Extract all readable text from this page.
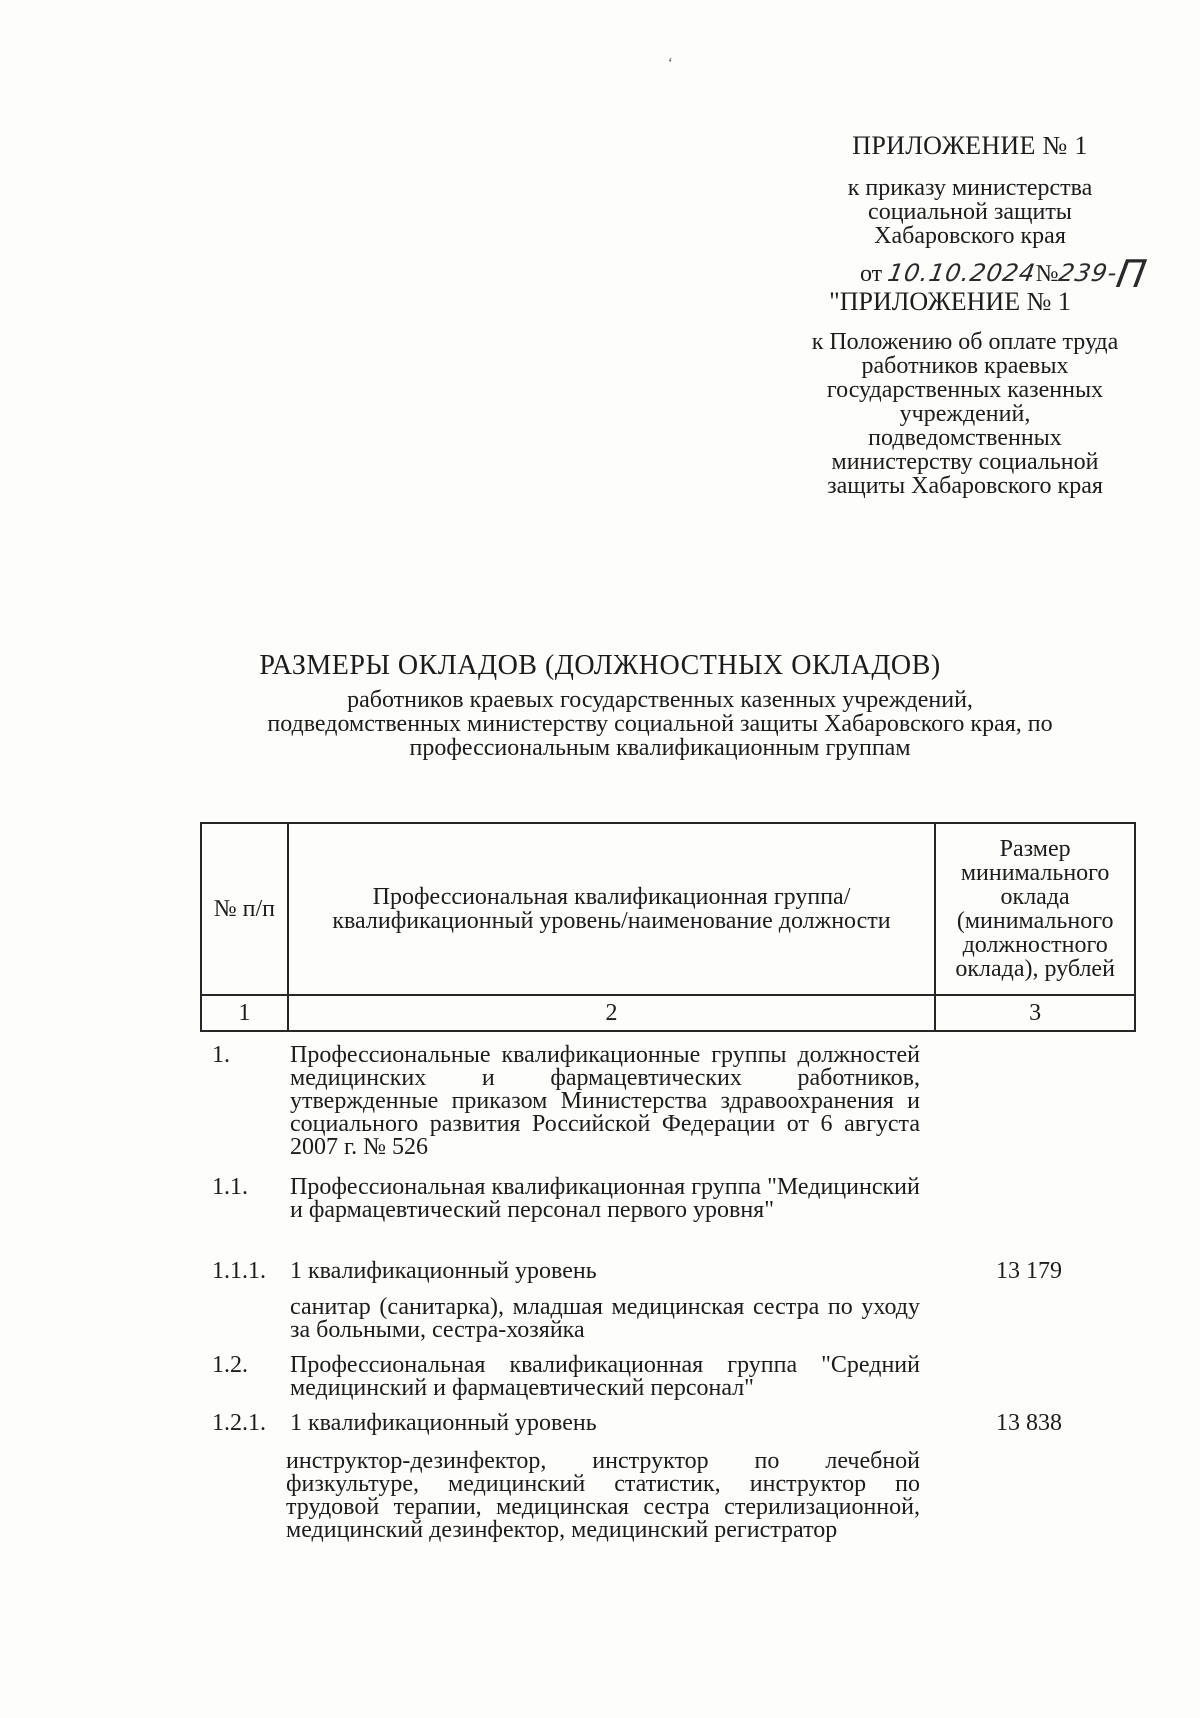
‘
ПРИЛОЖЕНИЕ № 1
к приказу министерства
социальной защиты
Хабаровского края
от 10.10.2024№239-П
"ПРИЛОЖЕНИЕ № 1
к Положению об оплате труда
работников краевых
государственных казенных
учреждений,
подведомственных
министерству социальной
защиты Хабаровского края
РАЗМЕРЫ ОКЛАДОВ (ДОЛЖНОСТНЫХ ОКЛАДОВ)
работников краевых государственных казенных учреждений,
подведомственных министерству социальной защиты Хабаровского края, по
профессиональным квалификационным группам
№ п/п	Профессиональная квалификационная группа/ квалификационный уровень/наименование должности	Размер минимального оклада (минимального должностного оклада), рублей
1	2	3
1.	Профессиональные квалификационные группы должностей медицинских и фармацевтических работников, утвержденные приказом Министерства здравоохранения и социального развития Российской Федерации от 6 августа 2007 г. № 526
1.1. Профессиональная квалификационная группа "Медицинский и фармацевтический персонал первого уровня"
1.1.1. 1 квалификационный уровень	13 179
санитар (санитарка), младшая медицинская сестра по уходу за больными, сестра-хозяйка
1.2. Профессиональная квалификационная группа "Средний медицинский и фармацевтический персонал"
1.2.1. 1 квалификационный уровень	13 838
инструктор-дезинфектор, инструктор по лечебной физкультуре, медицинский статистик, инструктор по трудовой терапии, медицинская сестра стерилизационной, медицинский дезинфектор, медицинский регистратор
